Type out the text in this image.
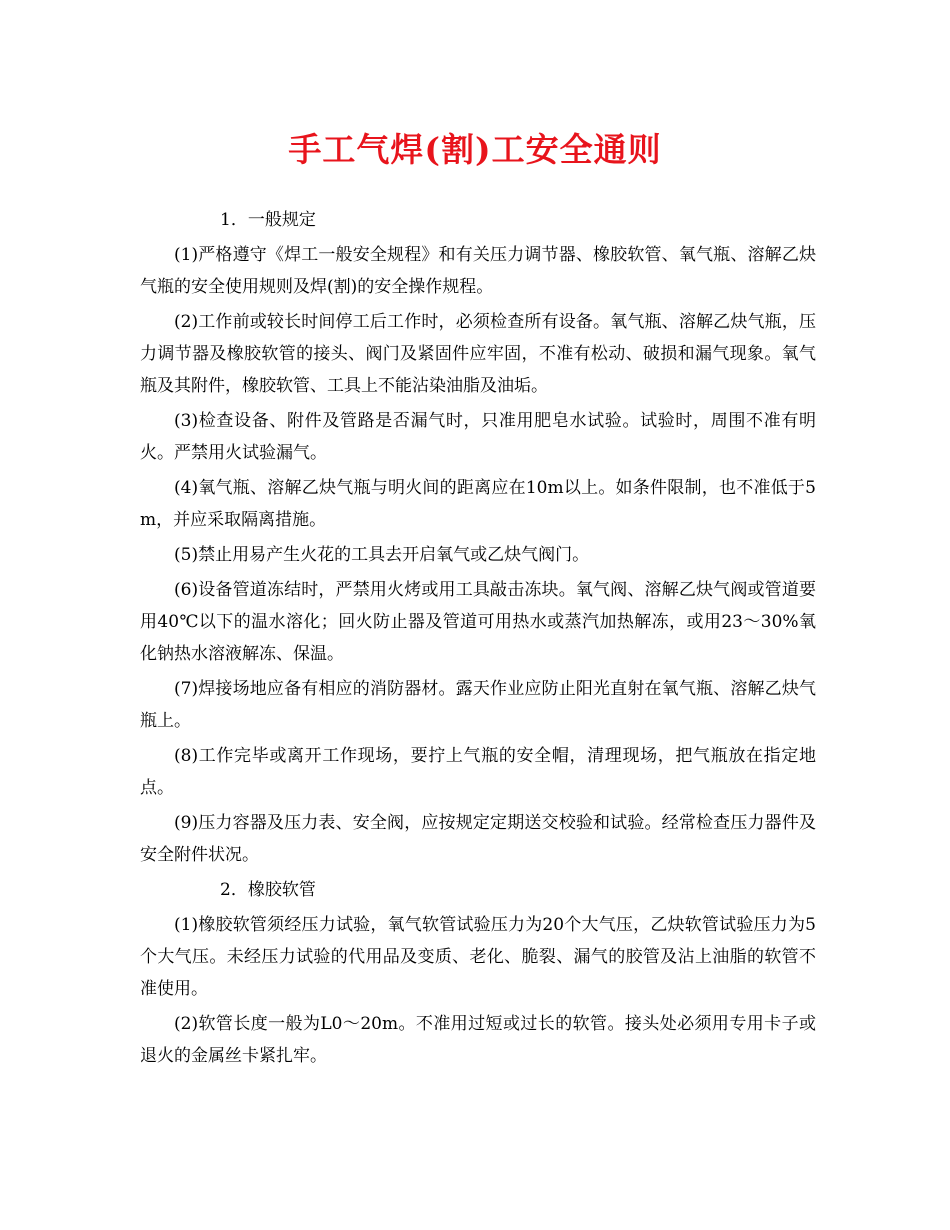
手工气焊(割)工安全通则

1．一般规定

(1)严格遵守《焊工一般安全规程》和有关压力调节器、橡胶软管、氧气瓶、溶解乙炔气瓶的安全使用规则及焊(割)的安全操作规程。

(2)工作前或较长时间停工后工作时，必须检查所有设备。氧气瓶、溶解乙炔气瓶，压力调节器及橡胶软管的接头、阀门及紧固件应牢固，不准有松动、破损和漏气现象。氧气瓶及其附件，橡胶软管、工具上不能沾染油脂及油垢。

(3)检查设备、附件及管路是否漏气时，只准用肥皂水试验。试验时，周围不准有明火。严禁用火试验漏气。

(4)氧气瓶、溶解乙炔气瓶与明火间的距离应在10m以上。如条件限制，也不准低于5m，并应采取隔离措施。

(5)禁止用易产生火花的工具去开启氧气或乙炔气阀门。

(6)设备管道冻结时，严禁用火烤或用工具敲击冻块。氧气阀、溶解乙炔气阀或管道要用40℃以下的温水溶化；回火防止器及管道可用热水或蒸汽加热解冻，或用23～30%氧化钠热水溶液解冻、保温。

(7)焊接场地应备有相应的消防器材。露天作业应防止阳光直射在氧气瓶、溶解乙炔气瓶上。

(8)工作完毕或离开工作现场，要拧上气瓶的安全帽，清理现场，把气瓶放在指定地点。

(9)压力容器及压力表、安全阀，应按规定定期送交校验和试验。经常检查压力器件及安全附件状况。

2．橡胶软管

(1)橡胶软管须经压力试验，氧气软管试验压力为20个大气压，乙炔软管试验压力为5个大气压。未经压力试验的代用品及变质、老化、脆裂、漏气的胶管及沾上油脂的软管不准使用。

(2)软管长度一般为L0～20m。不准用过短或过长的软管。接头处必须用专用卡子或退火的金属丝卡紧扎牢。
